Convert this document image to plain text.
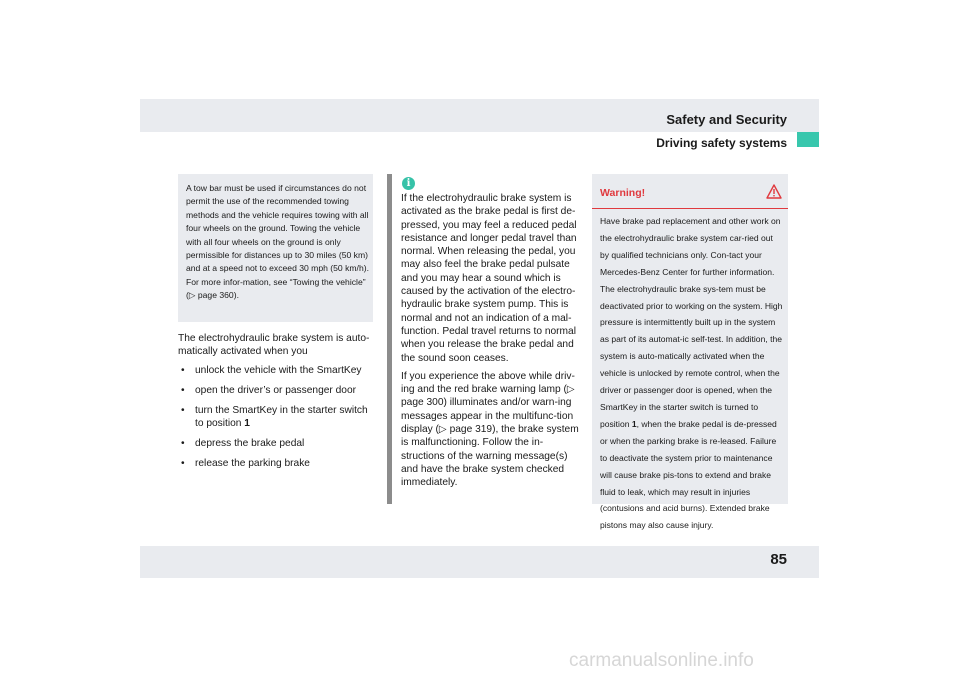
Safety and Security
Driving safety systems

A tow bar must be used if circumstances do not permit the use of the recommended towing methods and the vehicle requires towing with all four wheels on the ground. Towing the vehicle with all four wheels on the ground is only permissible for distances up to 30 miles (50 km) and at a speed not to exceed 30 mph (50 km/h). For more infor-mation, see “Towing the vehicle”

(▷ page 360).

The electrohydraulic brake system is auto-matically activated when you

• unlock the vehicle with the SmartKey
• open the driver’s or passenger door
• turn the SmartKey in the starter switch to position 1
• depress the brake pedal
• release the parking brake
i

If the electrohydraulic brake system is activated as the brake pedal is first de-pressed, you may feel a reduced pedal resistance and longer pedal travel than normal. When releasing the pedal, you may also feel the brake pedal pulsate and you may hear a sound which is caused by the activation of the electro-hydraulic brake system pump. This is normal and not an indication of a mal-function. Pedal travel returns to normal when you release the brake pedal and the sound soon ceases.

If you experience the above while driv-ing and the red brake warning lamp (▷ page 300) illuminates and/or warn-ing messages appear in the multifunc-tion display (▷ page 319), the brake system is malfunctioning. Follow the in-structions of the warning message(s) and have the brake system checked immediately.

Warning!
Have brake pad replacement and other work on the electrohydraulic brake system car-ried out by qualified technicians only. Con-tact your Mercedes-Benz Center for further information. The electrohydraulic brake sys-tem must be deactivated prior to working on the system. High pressure is intermittently built up in the system as part of its automat-ic self-test. In addition, the system is auto-matically activated when the vehicle is unlocked by remote control, when the driver or passenger door is opened, when the SmartKey in the starter switch is turned to position 1, when the brake pedal is de-pressed or when the parking brake is re-leased. Failure to deactivate the system prior to maintenance will cause brake pis-tons to extend and brake fluid to leak, which may result in injuries (contusions and acid burns). Extended brake pistons may also cause injury.
85
carmanualsonline.info
